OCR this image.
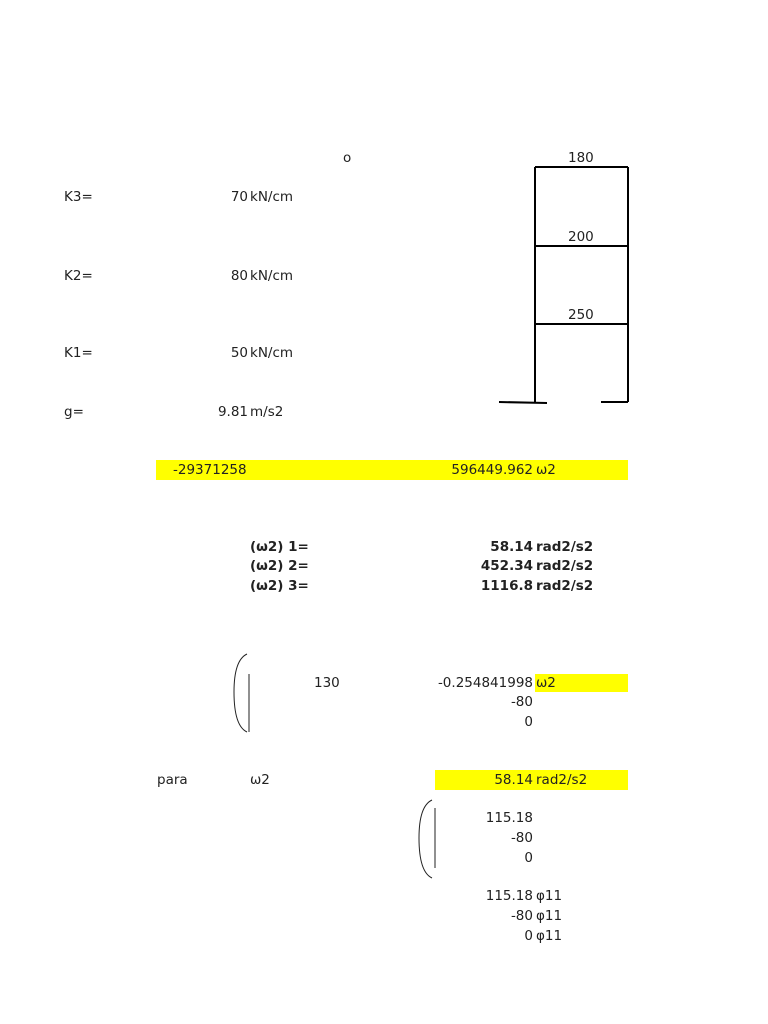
o	180
200
250
K3=	70 kN/cm
K2=	80 kN/cm
K1=	50 kN/cm
g=	9.81 m/s2
-29371258	596449.962 ω2
(ω2) 1=	58.14 rad2/s2
(ω2) 2=	452.34 rad2/s2
(ω2) 3=	1116.8 rad2/s2
130	-0.254841998 ω2
-80
0
para	ω2	58.14 rad2/s2
115.18
-80
0
115.18 φ11
-80 φ11
0 φ11
